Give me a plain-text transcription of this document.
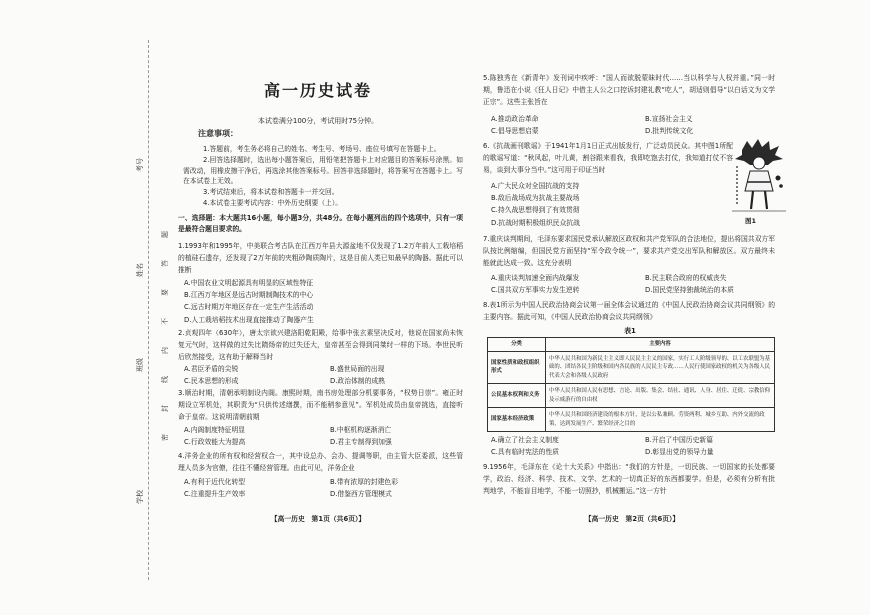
考号
姓名
班级
学校
密封线内不要答题
高一历史试卷
本试卷满分100分，考试用时75分钟。
注意事项：

1.答题前，考生务必将自己的姓名、考生号、考场号、座位号填写在答题卡上。

2.回答选择题时，选出每小题答案后，用铅笔把答题卡上对应题目的答案标号涂黑。如需改动，用橡皮擦干净后，再选涂其他答案标号。回答非选择题时，将答案写在答题卡上。写在本试卷上无效。

3.考试结束后，将本试卷和答题卡一并交回。

4.本试卷主要考试内容：中外历史纲要（上）。

一、选择题：本大题共16小题，每小题3分，共48分。在每小题列出的四个选项中，只有一项是最符合题目要求的。
1.1993年和1995年，中美联合考古队在江西万年县大源盆地不仅发现了1.2万年前人工栽培稻的植硅石遗存，还发现了2万年前的夹粗砂陶质陶片，这是目前人类已知最早的陶器。据此可以推断
A.中国农业文明起源具有明显的区域性特征
B.江西万年地区是远古时期制陶技术的中心
C.远古时期万年地区存在一定生产生活活动
D.人工栽培稻技术出现直接推动了陶器产生
2.贞观四年（630年），唐太宗欲兴建洛阳乾阳殿，给事中张玄素坚决反对，他说在国家尚未恢复元气时，这样做的过失比隋炀帝的过失还大，皇帝甚至会得到同桀纣一样的下场。李世民听后欣然接受，这有助于解释当时
A.君臣矛盾的尖锐	B.盛世局面的出现
C.民本思想的形成	D.政治体制的成熟
3.顺治时期，清朝承明制设内阁。康熙时期，南书房处理部分机要事务，“权势日崇”。雍正时期设立军机处，其职责为“只供传述缮撰，而不能稍参意见”。军机处成员由皇帝挑选，直接听命于皇帝。这说明清朝前期
A.内阁制度特征明显	B.中枢机构逐渐消亡
C.行政效能大为提高	D.君主专制得到加强
4.洋务企业的所有权和经营权合一，其中设总办、会办、提调等职，由主管大臣委派，这些管理人员多为官僚，往往不懂经营管理。由此可见，洋务企业
A.有利于近代化转型	B.带有浓厚的封建色彩
C.注重提升生产效率	D.借鉴西方管理模式
【高一历史　第1页（共6页）】
5.陈独秀在《新青年》发刊词中疾呼：“国人而欲脱蒙昧时代……当以科学与人权并重。”同一时期，鲁迅在小说《狂人日记》中借主人公之口控诉封建礼教“吃人”，胡适则倡导“以白话文为文学正宗”。这些主张旨在
A.推动政治革命	B.宣扬社会主义
C.倡导思想启蒙	D.批判传统文化
6.《抗战画刊歌谣》于1941年1月1日正式出版发行，广泛动员民众。其中图1所配的歌谣写道：“秋风起，叶儿黄，割谷跟来看我，我即吃饱去打仗，我知道打仗不容易，谈到大事分当中。”这可用于印证当时
A.广大民众对全国抗战的支持
B.敌后战场成为抗战主要战场
C.持久战思想得到了有效贯彻
D.抗战时期积极组织民众抗战	图1
7.重庆谈判期间，毛泽东要求国民党承认解放区政权和共产党军队的合法地位，提出将国共双方军队按比例缩编，但国民党方面坚持“军令政令统一”，要求共产党交出军队和解放区。双方最终未能就此达成一致。这充分表明
A.重庆谈判加速全面内战爆发	B.民主联合政府的权威丧失
C.国共双方军事实力发生逆转	D.国民党坚持独裁统治的本质
8.表1所示为中国人民政治协商会议第一届全体会议通过的《中国人民政治协商会议共同纲领》的主要内容。据此可知，《中国人民政治协商会议共同纲领》
表1
分类	主要内容
国家性质和政权组织形式	中华人民共和国为新民主主义即人民民主主义的国家，实行工人阶级领导的、以工农联盟为基础的、团结各民主阶级和国内各民族的人民民主专政……人民行使国家政权的机关为各级人民代表大会和各级人民政府
公民基本权利和义务	中华人民共和国人民有思想、言论、出版、集会、结社、通讯、人身、居住、迁徙、宗教信仰及示威游行的自由权
国家基本经济政策	中华人民共和国经济建设的根本方针，是以公私兼顾、劳资两利、城乡互助、内外交流的政策，达到发展生产、繁荣经济之目的
A.确立了社会主义制度	B.开启了中国历史新篇
C.具有临时宪法的性质	D.彰显出党的领导力量
9.1956年，毛泽东在《论十大关系》中指出：“我们的方针是，一切民族、一切国家的长处都要学，政治、经济、科学、技术、文学、艺术的一切真正好的东西都要学。但是，必须有分析有批判地学，不能盲目地学，不能一切照抄，机械搬运。”这一方针
【高一历史　第2页（共6页）】
